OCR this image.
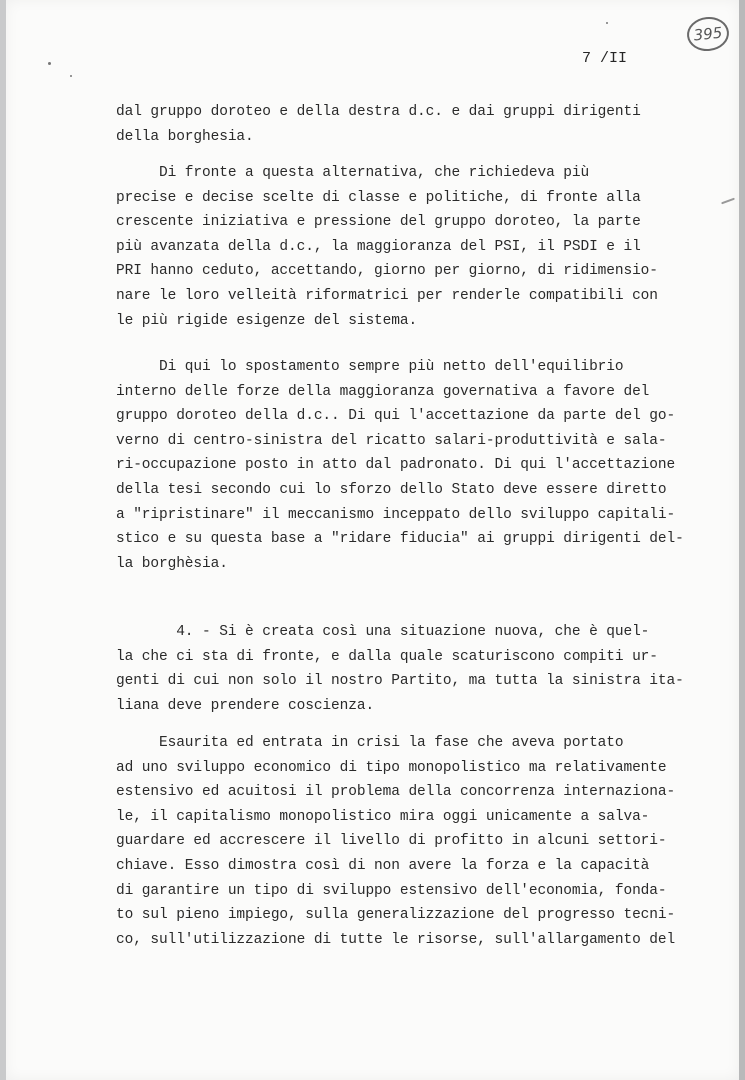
395
7 /II
dal gruppo doroteo e della destra d.c. e dai gruppi dirigenti
della borghesia.
Di fronte a questa alternativa, che richiedeva più
precise e decise scelte di classe e politiche, di fronte alla
crescente iniziativa e pressione del gruppo doroteo, la parte
più avanzata della d.c., la maggioranza del PSI, il PSDI e il
PRI hanno ceduto, accettando, giorno per giorno, di ridimensio-
nare le loro velleità riformatrici per renderle compatibili con
le più rigide esigenze del sistema.
Di qui lo spostamento sempre più netto dell'equilibrio
interno delle forze della maggioranza governativa a favore del
gruppo doroteo della d.c.. Di qui l'accettazione da parte del go-
verno di centro-sinistra del ricatto salari-produttività e sala-
ri-occupazione posto in atto dal padronato. Di qui l'accettazione
della tesi secondo cui lo sforzo dello Stato deve essere diretto
a "ripristinare" il meccanismo inceppato dello sviluppo capitali-
stico e su questa base a "ridare fiducia" ai gruppi dirigenti del-
la borghèsia.
4. - Si è creata così una situazione nuova, che è quel-
la che ci sta di fronte, e dalla quale scaturiscono compiti ur-
genti di cui non solo il nostro Partito, ma tutta la sinistra ita-
liana deve prendere coscienza.
Esaurita ed entrata in crisi la fase che aveva portato
ad uno sviluppo economico di tipo monopolistico ma relativamente
estensivo ed acuitosi il problema della concorrenza internaziona-
le, il capitalismo monopolistico mira oggi unicamente a salva-
guardare ed accrescere il livello di profitto in alcuni settori-
chiave. Esso dimostra così di non avere la forza e la capacità
di garantire un tipo di sviluppo estensivo dell'economia, fonda-
to sul pieno impiego, sulla generalizzazione del progresso tecni-
co, sull'utilizzazione di tutte le risorse, sull'allargamento del
